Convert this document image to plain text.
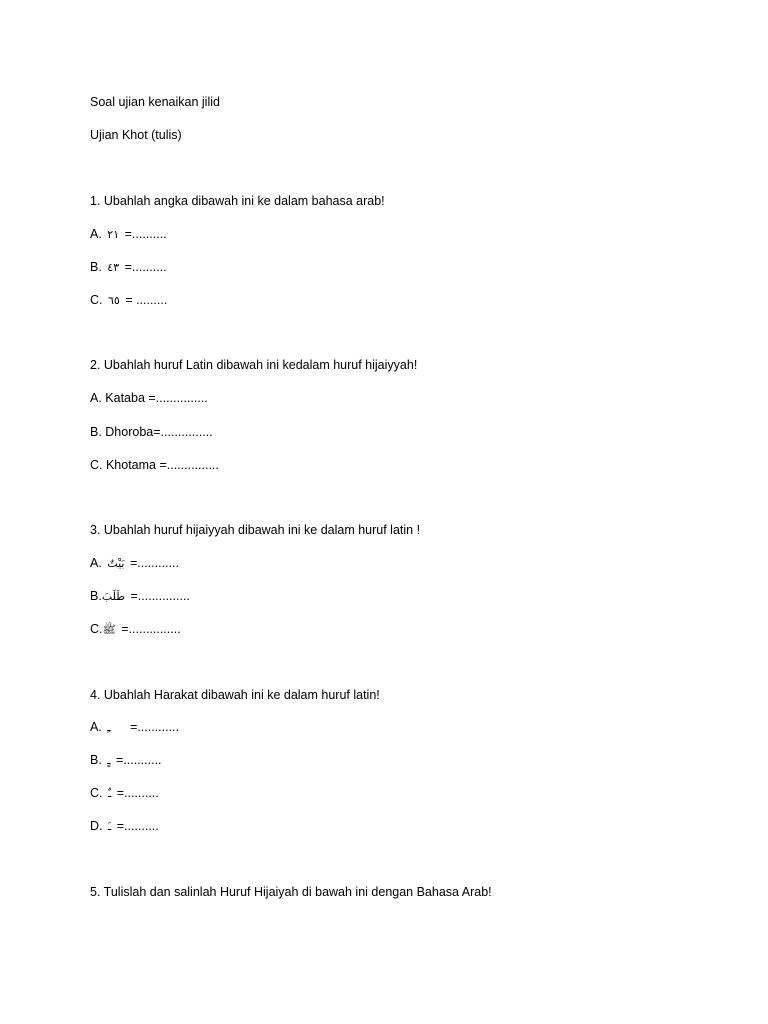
Soal ujian kenaikan jilid
Ujian Khot (tulis)
1. Ubahlah angka dibawah ini ke dalam bahasa arab!
A. ٢١ =..........
B. ٤٣ =..........
C. ٦٥ = .........
2. Ubahlah huruf Latin dibawah ini kedalam huruf hijaiyyah!
A. Kataba =...............
B. Dhoroba=...............
C. Khotama =...............
3. Ubahlah huruf hijaiyyah dibawah ini ke dalam huruf latin !
A. بَيْتٌ =............
B.طَلَبَ =...............
C.ﷺ =...............
4. Ubahlah Harakat dibawah ini ke dalam huruf latin!
A. ـِ =............
B. ـٍ =...........
C. ـٌ =..........
D. ـَ =..........
5. Tulislah dan salinlah Huruf Hijaiyah di bawah ini dengan Bahasa Arab!
